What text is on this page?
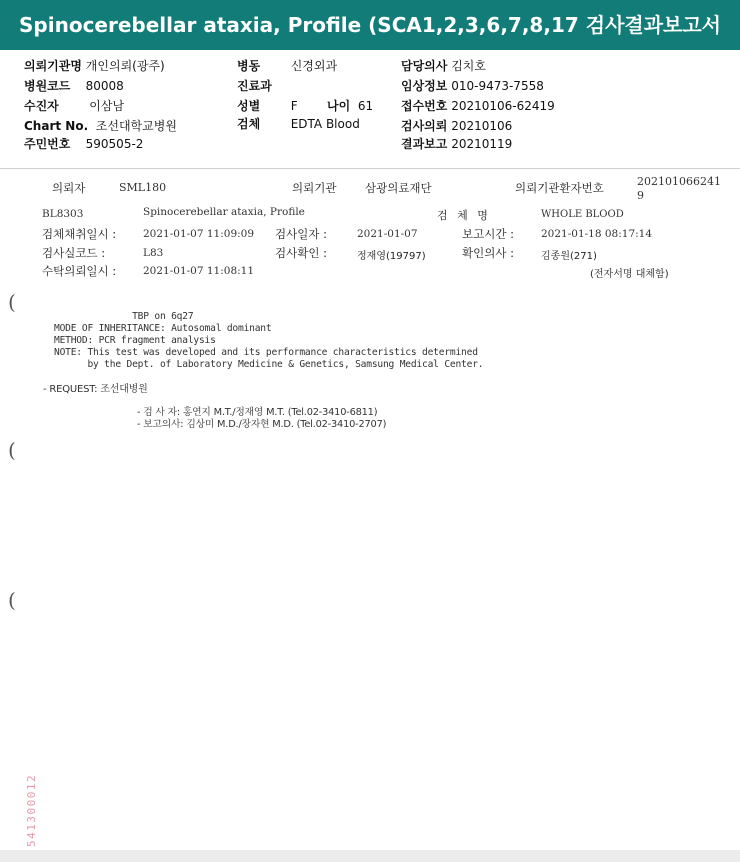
Spinocerebellar ataxia, Profile (SCA1,2,3,6,7,8,17 검사결과보고서
의뢰기관명 개인의뢰(광주)
병원코드 80008
수진자	이삼남
Chart No. 조선대학교병원
주민번호 590505-2
병동	신경외과
진료과
성별	F 나이 61
검체	EDTA Blood
담당의사 김치호
임상정보 010-9473-7558
접수번호 20210106-62419
검사의뢰 20210106
결과보고 20210119
의뢰자	SML180	의뢰기관 삼광의료재단	의뢰기관환자번호	202101066241
9
BL8303	Spinocerebellar ataxia, Profile	검 체 명	WHOLE BLOOD
검체채취일시 :	2021-01-07 11:09:09 검사일자 :	2021-01-07	보고시간 :	2021-01-18 08:17:14
검사실코드 :	L83	검사확인 :	정재영(19797)	확인의사 :	김종원(271)
수탁의뢰일시 :	2021-01-07 11:08:11	(전자서명 대체함)
TBP on 6q27
MODE OF INHERITANCE: Autosomal dominant
METHOD: PCR fragment analysis
NOTE: This test was developed and its performance characteristics determined
by the Dept. of Laboratory Medicine & Genetics, Samsung Medical Center.
- REQUEST: 조선대병원
- 검 사 자: 홍연지 M.T./정재영 M.T. (Tel.02-3410-6811)
- 보고의사: 김상미 M.D./장자현 M.D. (Tel.02-3410-2707)
(
(
(
541300012
